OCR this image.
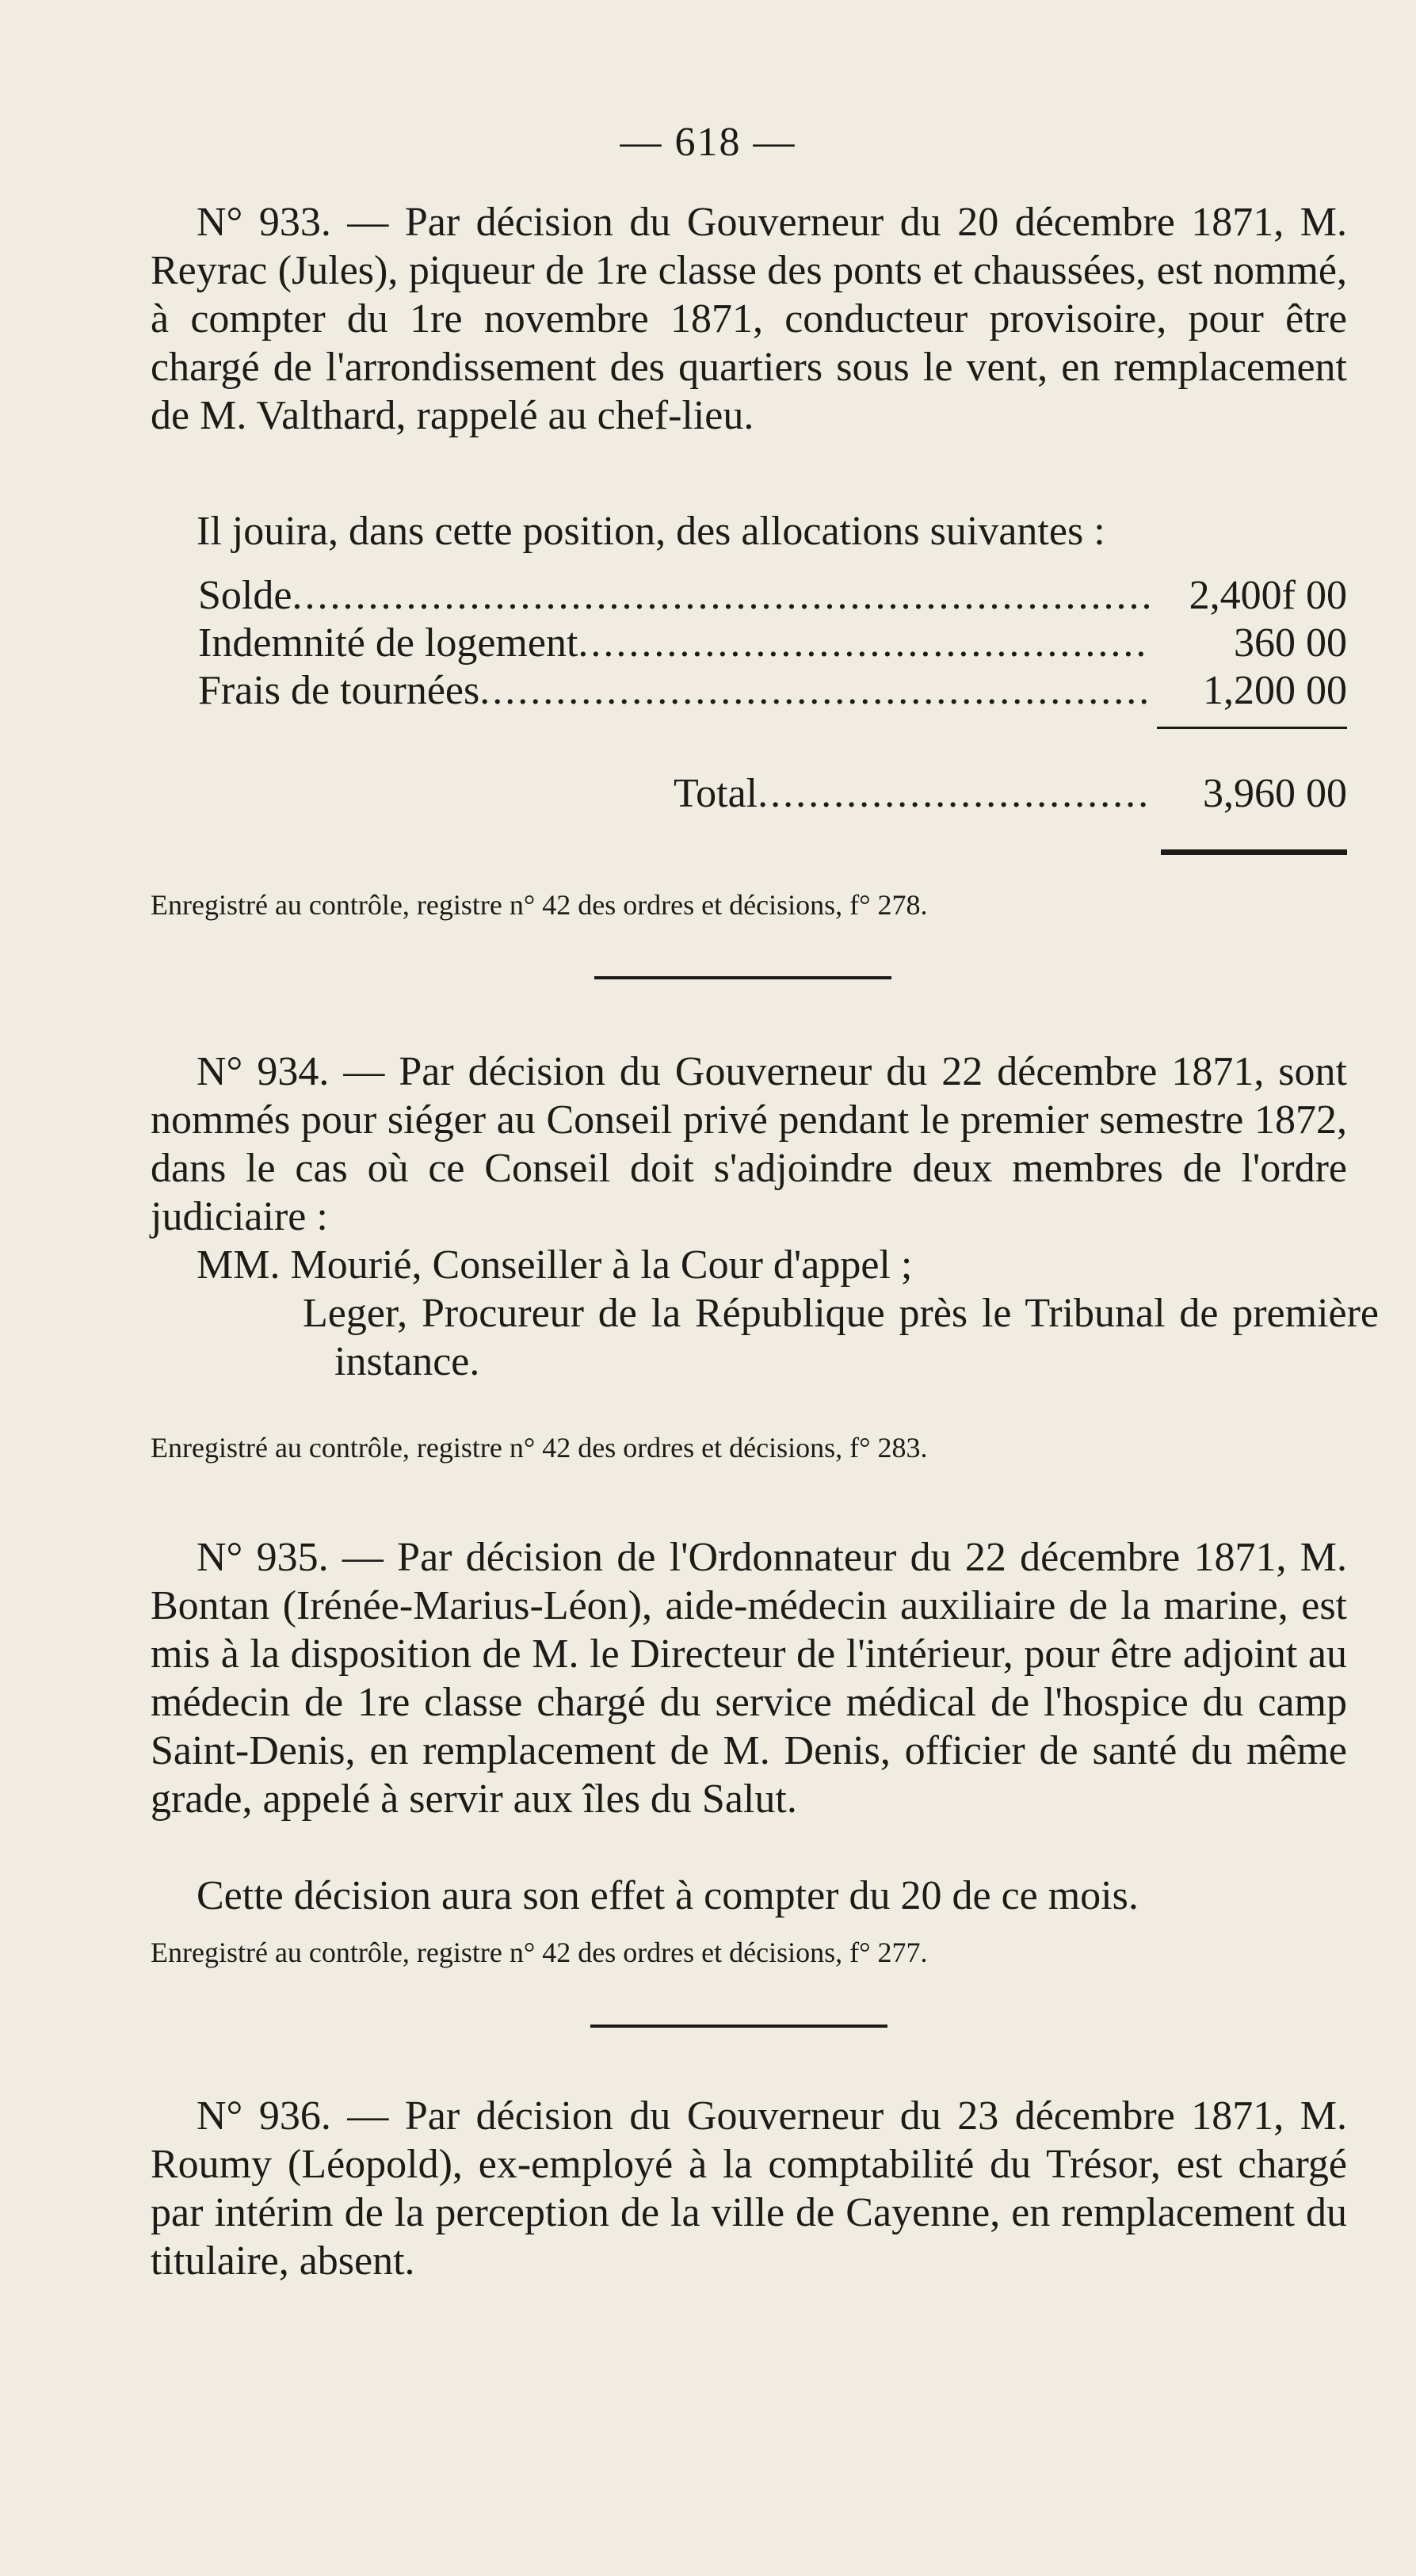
— 618 —
N° 933. — Par décision du Gouverneur du 20 décembre 1871, M. Reyrac (Jules), piqueur de 1re classe des ponts et chaussées, est nommé, à compter du 1re novembre 1871, conducteur provisoire, pour être chargé de l'arrondissement des quartiers sous le vent, en remplacement de M. Valthard, rappelé au chef-lieu.
Il jouira, dans cette position, des allocations suivantes :
Solde .....	2,400f 00
Indemnité de logement .....	360 00
Frais de tournées .....	1,200 00
Total .....	3,960 00
Enregistré au contrôle, registre n° 42 des ordres et décisions, f° 278.
N° 934. — Par décision du Gouverneur du 22 décembre 1871, sont nommés pour siéger au Conseil privé pendant le premier semestre 1872, dans le cas où ce Conseil doit s'adjoindre deux membres de l'ordre judiciaire :
MM. Mourié, Conseiller à la Cour d'appel ;
Leger, Procureur de la République près le Tribunal de première instance.
Enregistré au contrôle, registre n° 42 des ordres et décisions, f° 283.
N° 935. — Par décision de l'Ordonnateur du 22 décembre 1871, M. Bontan (Irénée-Marius-Léon), aide-médecin auxiliaire de la marine, est mis à la disposition de M. le Directeur de l'intérieur, pour être adjoint au médecin de 1re classe chargé du service médical de l'hospice du camp Saint-Denis, en remplacement de M. Denis, officier de santé du même grade, appelé à servir aux îles du Salut.
Cette décision aura son effet à compter du 20 de ce mois.
Enregistré au contrôle, registre n° 42 des ordres et décisions, f° 277.
N° 936. — Par décision du Gouverneur du 23 décembre 1871, M. Roumy (Léopold), ex-employé à la comptabilité du Trésor, est chargé par intérim de la perception de la ville de Cayenne, en remplacement du titulaire, absent.
